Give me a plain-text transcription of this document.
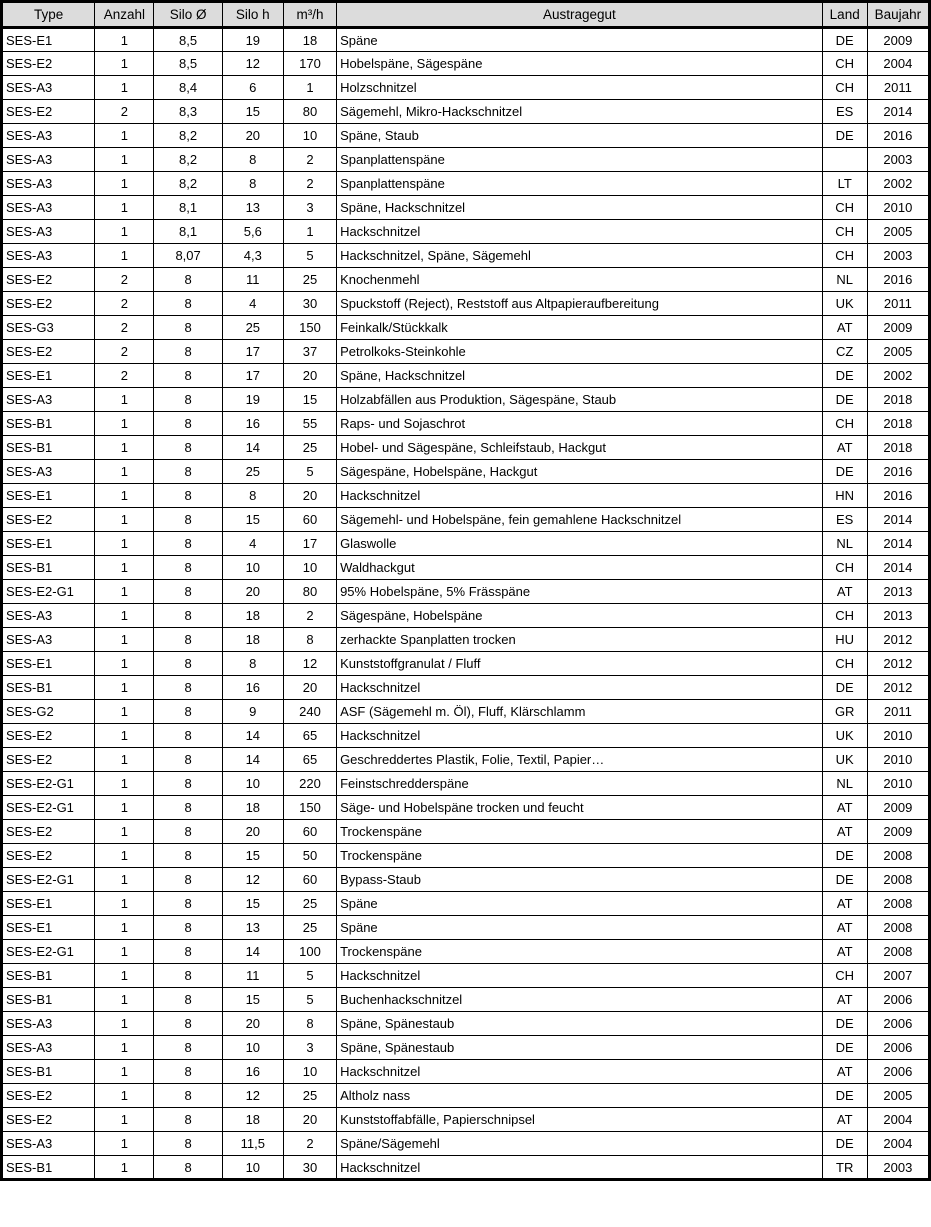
Type	Anzahl	Silo Ø	Silo h	m³/h	Austragegut	Land	Baujahr
SES-E1	1	8,5	19	18	Späne	DE	2009
SES-E2	1	8,5	12	170	Hobelspäne, Sägespäne	CH	2004
SES-A3	1	8,4	6	1	Holzschnitzel	CH	2011
SES-E2	2	8,3	15	80	Sägemehl, Mikro-Hackschnitzel	ES	2014
SES-A3	1	8,2	20	10	Späne, Staub	DE	2016
SES-A3	1	8,2	8	2	Spanplattenspäne		2003
SES-A3	1	8,2	8	2	Spanplattenspäne	LT	2002
SES-A3	1	8,1	13	3	Späne, Hackschnitzel	CH	2010
SES-A3	1	8,1	5,6	1	Hackschnitzel	CH	2005
SES-A3	1	8,07	4,3	5	Hackschnitzel, Späne, Sägemehl	CH	2003
SES-E2	2	8	11	25	Knochenmehl	NL	2016
SES-E2	2	8	4	30	Spuckstoff (Reject), Reststoff aus Altpapieraufbereitung	UK	2011
SES-G3	2	8	25	150	Feinkalk/Stückkalk	AT	2009
SES-E2	2	8	17	37	Petrolkoks-Steinkohle	CZ	2005
SES-E1	2	8	17	20	Späne, Hackschnitzel	DE	2002
SES-A3	1	8	19	15	Holzabfällen aus Produktion, Sägespäne, Staub	DE	2018
SES-B1	1	8	16	55	Raps- und Sojaschrot	CH	2018
SES-B1	1	8	14	25	Hobel- und Sägespäne, Schleifstaub, Hackgut	AT	2018
SES-A3	1	8	25	5	Sägespäne, Hobelspäne, Hackgut	DE	2016
SES-E1	1	8	8	20	Hackschnitzel	HN	2016
SES-E2	1	8	15	60	Sägemehl- und Hobelspäne, fein gemahlene Hackschnitzel	ES	2014
SES-E1	1	8	4	17	Glaswolle	NL	2014
SES-B1	1	8	10	10	Waldhackgut	CH	2014
SES-E2-G1	1	8	20	80	95% Hobelspäne, 5% Frässpäne	AT	2013
SES-A3	1	8	18	2	Sägespäne, Hobelspäne	CH	2013
SES-A3	1	8	18	8	zerhackte Spanplatten trocken	HU	2012
SES-E1	1	8	8	12	Kunststoffgranulat / Fluff	CH	2012
SES-B1	1	8	16	20	Hackschnitzel	DE	2012
SES-G2	1	8	9	240	ASF (Sägemehl m. Öl), Fluff, Klärschlamm	GR	2011
SES-E2	1	8	14	65	Hackschnitzel	UK	2010
SES-E2	1	8	14	65	Geschreddertes Plastik, Folie, Textil, Papier…	UK	2010
SES-E2-G1	1	8	10	220	Feinstschredderspäne	NL	2010
SES-E2-G1	1	8	18	150	Säge- und Hobelspäne trocken und feucht	AT	2009
SES-E2	1	8	20	60	Trockenspäne	AT	2009
SES-E2	1	8	15	50	Trockenspäne	DE	2008
SES-E2-G1	1	8	12	60	Bypass-Staub	DE	2008
SES-E1	1	8	15	25	Späne	AT	2008
SES-E1	1	8	13	25	Späne	AT	2008
SES-E2-G1	1	8	14	100	Trockenspäne	AT	2008
SES-B1	1	8	11	5	Hackschnitzel	CH	2007
SES-B1	1	8	15	5	Buchenhackschnitzel	AT	2006
SES-A3	1	8	20	8	Späne, Spänestaub	DE	2006
SES-A3	1	8	10	3	Späne, Spänestaub	DE	2006
SES-B1	1	8	16	10	Hackschnitzel	AT	2006
SES-E2	1	8	12	25	Altholz nass	DE	2005
SES-E2	1	8	18	20	Kunststoffabfälle, Papierschnipsel	AT	2004
SES-A3	1	8	11,5	2	Späne/Sägemehl	DE	2004
SES-B1	1	8	10	30	Hackschnitzel	TR	2003
